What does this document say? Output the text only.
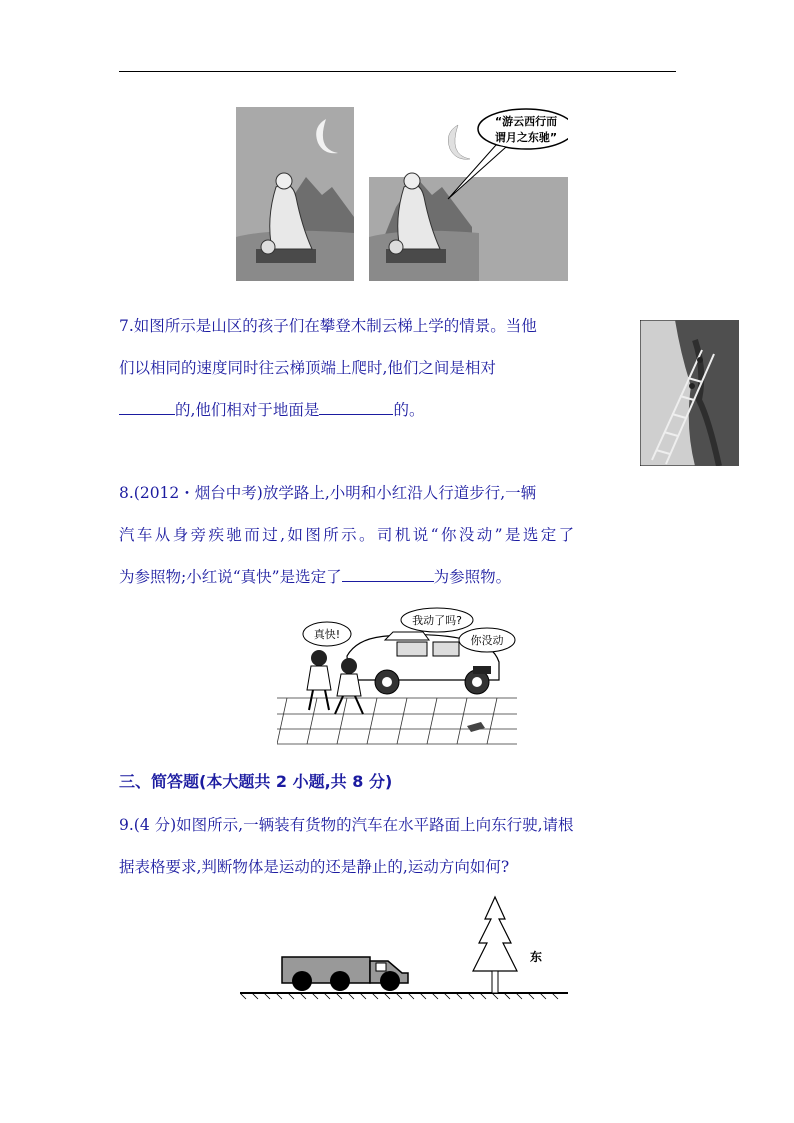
“游云西行而
谓月之东驰”
7.如图所示是山区的孩子们在攀登木制云梯上学的情景。当他
们以相同的速度同时往云梯顶端上爬时,他们之间是相对
的,他们相对于地面是	的。
8.(2012・烟台中考)放学路上,小明和小红沿人行道步行,一辆
汽车从身旁疾驰而过,如图所示。司机说“你没动”是选定了
为参照物;小红说“真快”是选定了	为参照物。
真快!
我动了吗?
你没动
三、简答题(本大题共 2 小题,共 8 分)
9.(4 分)如图所示,一辆装有货物的汽车在水平路面上向东行驶,请根
据表格要求,判断物体是运动的还是静止的,运动方向如何?
东
